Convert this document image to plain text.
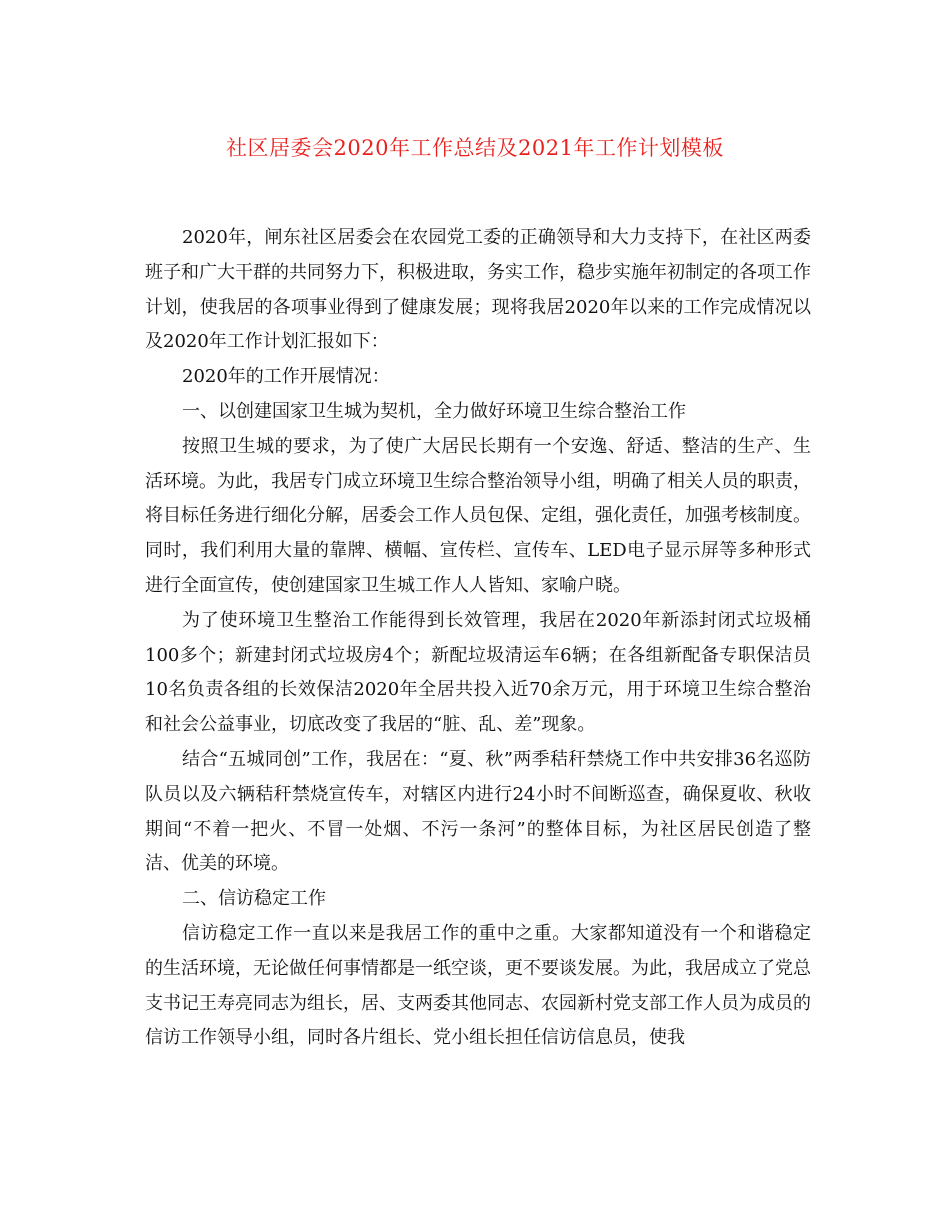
社区居委会2020年工作总结及2021年工作计划模板

2020年，闸东社区居委会在农园党工委的正确领导和大力支持下，在社区两委班子和广大干群的共同努力下，积极进取，务实工作，稳步实施年初制定的各项工作计划，使我居的各项事业得到了健康发展；现将我居2020年以来的工作完成情况以及2020年工作计划汇报如下：

2020年的工作开展情况：

一、以创建国家卫生城为契机，全力做好环境卫生综合整治工作

按照卫生城的要求，为了使广大居民长期有一个安逸、舒适、整洁的生产、生活环境。为此，我居专门成立环境卫生综合整治领导小组，明确了相关人员的职责，将目标任务进行细化分解，居委会工作人员包保、定组，强化责任，加强考核制度。同时，我们利用大量的靠牌、横幅、宣传栏、宣传车、LED电子显示屏等多种形式进行全面宣传，使创建国家卫生城工作人人皆知、家喻户晓。

为了使环境卫生整治工作能得到长效管理，我居在2020年新添封闭式垃圾桶100多个；新建封闭式垃圾房4个；新配垃圾清运车6辆；在各组新配备专职保洁员10名负责各组的长效保洁2020年全居共投入近70余万元，用于环境卫生综合整治和社会公益事业，切底改变了我居的“脏、乱、差”现象。

结合“五城同创”工作，我居在：“夏、秋”两季秸秆禁烧工作中共安排36名巡防队员以及六辆秸秆禁烧宣传车，对辖区内进行24小时不间断巡查，确保夏收、秋收期间“不着一把火、不冒一处烟、不污一条河”的整体目标，为社区居民创造了整洁、优美的环境。

二、信访稳定工作

信访稳定工作一直以来是我居工作的重中之重。大家都知道没有一个和谐稳定的生活环境，无论做任何事情都是一纸空谈，更不要谈发展。为此，我居成立了党总支书记王寿亮同志为组长，居、支两委其他同志、农园新村党支部工作人员为成员的信访工作领导小组，同时各片组长、党小组长担任信访信息员，使我
